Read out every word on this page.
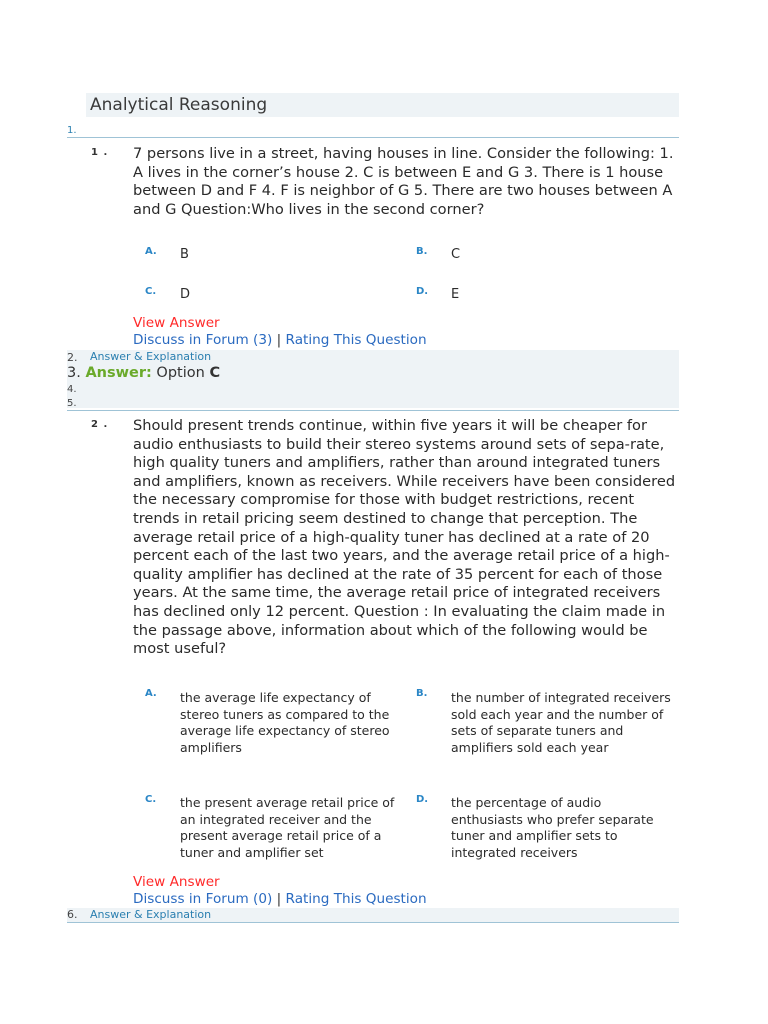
Analytical Reasoning
1.
1 . 7 persons live in a street, having houses in line. Consider the following: 1. A lives in the corner’s house 2. C is between E and G 3. There is 1 house between D and F 4. F is neighbor of G 5. There are two houses between A and G Question:Who lives in the second corner?
A. B	B. C
C. D	D. E
View Answer
Discuss in Forum (3) | Rating This Question
2. Answer & Explanation
3. Answer: Option C
4.
5.
2 . Should present trends continue, within five years it will be cheaper for audio enthusiasts to build their stereo systems around sets of sepa-rate, high quality tuners and amplifiers, rather than around integrated tuners and amplifiers, known as receivers. While receivers have been considered the necessary compromise for those with budget restrictions, recent trends in retail pricing seem destined to change that perception. The average retail price of a high-quality tuner has declined at a rate of 20 percent each of the last two years, and the average retail price of a high-quality amplifier has declined at the rate of 35 percent for each of those years. At the same time, the average retail price of integrated receivers has declined only 12 percent. Question : In evaluating the claim made in the passage above, information about which of the following would be most useful?
A. the average life expectancy of stereo tuners as compared to the average life expectancy of stereo amplifiers
B. the number of integrated receivers sold each year and the number of sets of separate tuners and amplifiers sold each year
C. the present average retail price of an integrated receiver and the present average retail price of a tuner and amplifier set
D. the percentage of audio enthusiasts who prefer separate tuner and amplifier sets to integrated receivers
View Answer
Discuss in Forum (0) | Rating This Question
6. Answer & Explanation
